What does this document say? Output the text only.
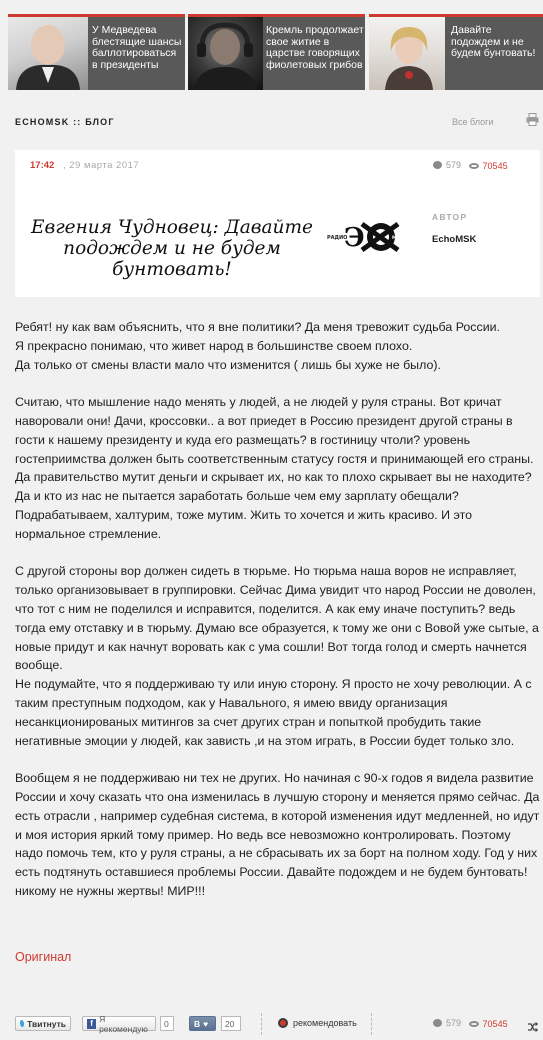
У Медведева блестящие шансы баллотироваться в президенты
Кремль продолжает свое житие в царстве говорящих фиолетовых грибов
Давайте подождем и не будем бунтовать!
ECHOMSK :: БЛОГ	Все блоги
17:42 , 29 марта 2017	579
70545
Евгения Чудновец: Давайте подождем и не будем бунтовать!
РАДИО
Э	МОСКВЫ
АВТОР
EchoMSK

Ребят! ну как вам объяснить, что я вне политики? Да меня тревожит судьба России.
Я прекрасно понимаю, что живет народ в большинстве своем плохо.
Да только от смены власти мало что изменится ( лишь бы хуже не было).

Считаю, что мышление надо менять у людей, а не людей у руля страны. Вот кричат наворовали они! Дачи, кроссовки.. а вот приедет в Россию президент другой страны в гости к нашему президенту и куда его размещать? в гостиницу чтоли? уровень гостеприимства должен быть соответственным статусу гостя и принимающей его страны. Да правительство мутит деньги и скрывает их, но как то плохо скрывает вы не находите? Да и кто из нас не пытается заработать больше чем ему зарплату обещали? Подрабатываем, халтурим, тоже мутим. Жить то хочется и жить красиво. И это нормальное стремление.

С другой стороны вор должен сидеть в тюрьме. Но тюрьма наша воров не исправляет, только организовывает в группировки. Сейчас Дима увидит что народ России не доволен, что тот с ним не поделился и исправится, поделится. А как ему иначе поступить? ведь тогда ему отставку и в тюрьму. Думаю все образуется, к тому же они с Вовой уже сытые, а новые придут и как начнут воровать как с ума сошли! Вот тогда голод и смерть начнется вообще.
Не подумайте, что я поддерживаю ту или иную сторону. Я просто не хочу революции. А с таким преступным подходом, как у Навального, я имею ввиду организация несанкционированых митингов за счет других стран и попыткой пробудить такие негативные эмоции у людей, как зависть ,и на этом играть, в России будет только зло.

Вообщем я не поддерживаю ни тех не других. Но начиная с 90-х годов я видела развитие России и хочу сказать что она изменилась в лучшую сторону и меняется прямо сейчас. Да есть отрасли , например судебная система, в которой изменения идут медленней, но идут и моя история яркий тому пример. Но ведь все невозможно контролировать. Поэтому надо помочь тем, кто у руля страны, а не сбрасывать их за борт на полном ходу. Год у них есть подтянуть оставшиеся проблемы России. Давайте подождем и не будем бунтовать! никому не нужны жертвы! МИР!!!

Оригинал
Твитнуть	f Я рекомендую	0	В ♥	20	рекомендовать	579
70545
